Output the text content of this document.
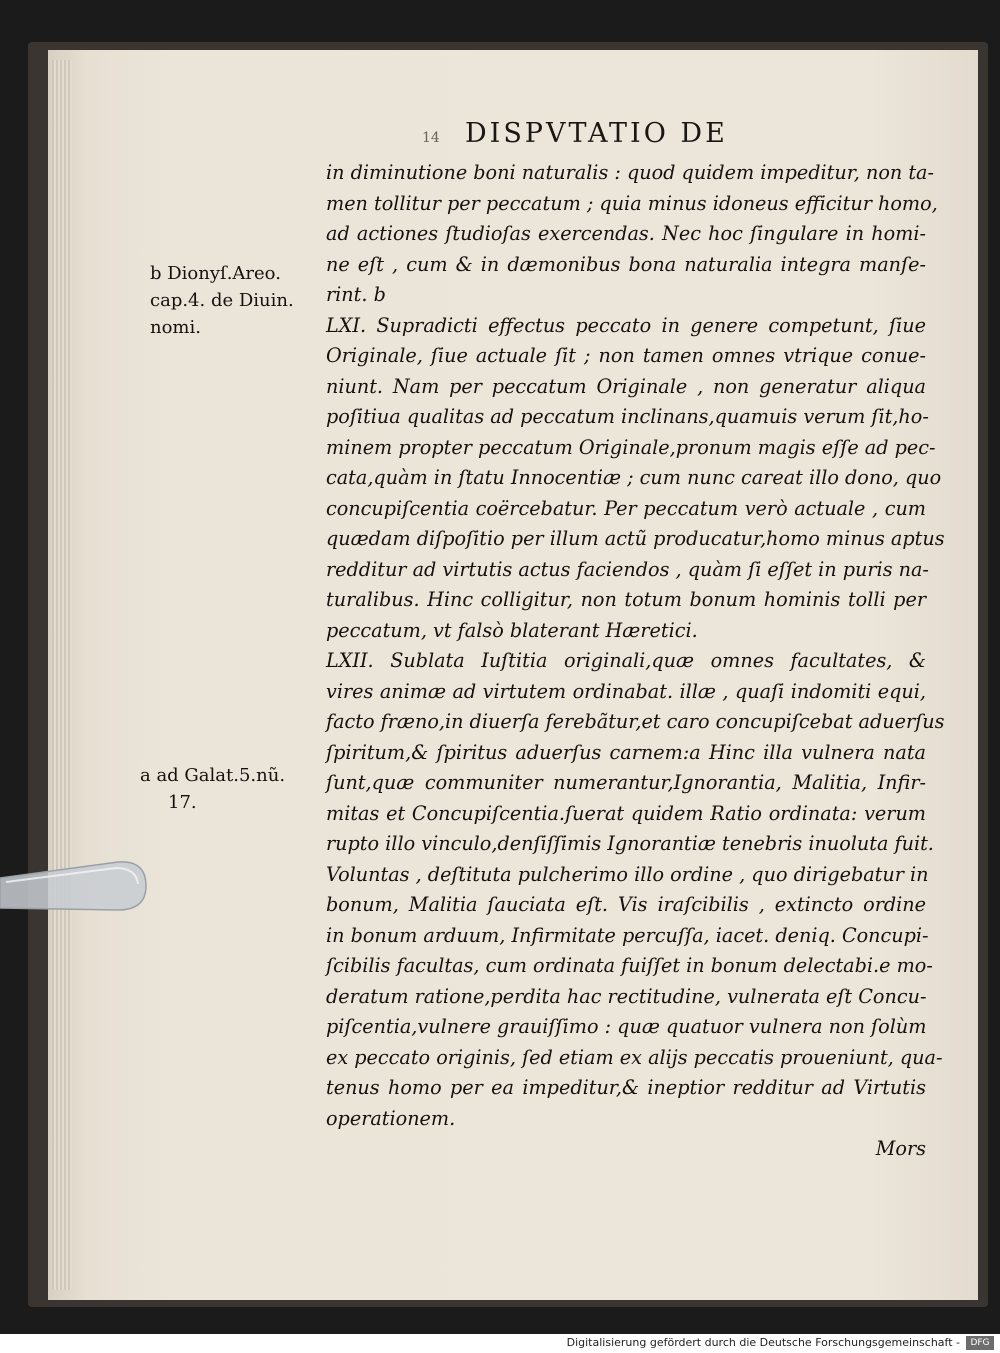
14 DISPVTATIO DE
b Dionyſ.Areo.
cap.4. de Diuin.
nomi.
a ad Galat.5.nũ.
17.
in diminutione boni naturalis : quod quidem impeditur, non ta-
men tollitur per peccatum ; quia minus idoneus efficitur homo,
ad actiones ſtudioſas exercendas. Nec hoc ſingulare in homi-
ne eſt , cum & in dæmonibus bona naturalia integra manſe-
rint. b
LXI. Supradicti effectus peccato in genere competunt, ſiue
Originale, ſiue actuale ſit ; non tamen omnes vtrique conue-
niunt. Nam per peccatum Originale , non generatur aliqua
poſitiua qualitas ad peccatum inclinans,quamuis verum ſit,ho-
minem propter peccatum Originale,pronum magis eſſe ad pec-
cata,quàm in ſtatu Innocentiæ ; cum nunc careat illo dono, quo
concupiſcentia coërcebatur. Per peccatum verò actuale , cum
quædam diſpoſitio per illum actũ producatur,homo minus aptus
redditur ad virtutis actus faciendos , quàm ſi eſſet in puris na-
turalibus. Hinc colligitur, non totum bonum hominis tolli per
peccatum, vt falsò blaterant Hæretici.
LXII. Sublata Iuſtitia originali,quæ omnes facultates, &
vires animæ ad virtutem ordinabat. illæ , quaſi indomiti equi,
facto fræno,in diuerſa ferebãtur,et caro concupiſcebat aduerſus
ſpiritum,& ſpiritus aduerſus carnem:a Hinc illa vulnera nata
ſunt,quæ communiter numerantur,Ignorantia, Malitia, Infir-
mitas et Concupiſcentia.ſuerat quidem Ratio ordinata: verum
rupto illo vinculo,denſiſſimis Ignorantiæ tenebris inuoluta fuit.
Voluntas , deſtituta pulcherimo illo ordine , quo dirigebatur in
bonum, Malitia ſauciata eſt. Vis iraſcibilis , extincto ordine
in bonum arduum, Infirmitate percuſſa, iacet. deniq. Concupi-
ſcibilis facultas, cum ordinata fuiſſet in bonum delectabi.e mo-
deratum ratione,perdita hac rectitudine, vulnerata eſt Concu-
piſcentia,vulnere grauiſſimo : quæ quatuor vulnera non ſolùm
ex peccato originis, ſed etiam ex alijs peccatis proueniunt, qua-
tenus homo per ea impeditur,& ineptior redditur ad Virtutis
operationem.
Mors
Digitalisierung gefördert durch die Deutsche Forschungsgemeinschaft -	DFG
